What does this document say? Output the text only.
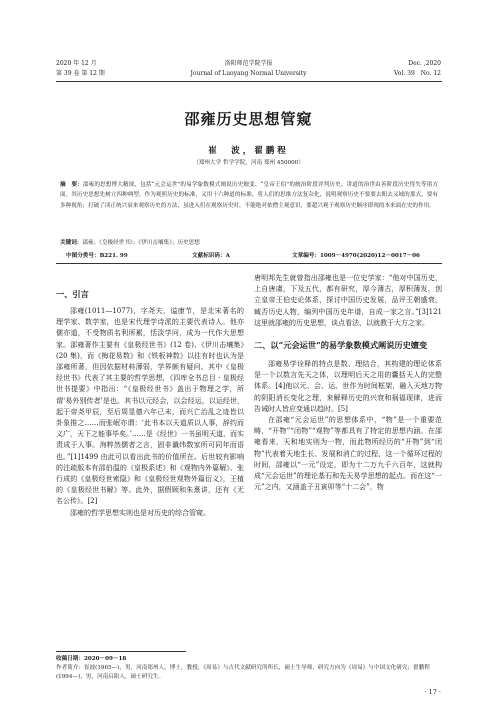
2020 年 12 月
第 39 卷 第 12 期
洛阳师范学院学报
Journal of Luoyang Normal University
Dec. ,2020
Vol. 39　No. 12
邵雍历史思想管窥
崔　波，翟鹏程
（郑州大学 哲学学院，河南 郑州 450000）
摘　要：邵雍的思想博大精深，包括“元会运世”的易学象数模式阐说历史嬗变、“皇帝王伯”的統治阶段评判历史、讲道的治世由善阶段历史得失等诸方面。其历史思想先树立四种典型，作为观照历史的标准，又用十六种道的标准，将人们的思维方法复杂化，说明观察历史不要要去粗去又域的那式，要有多种视角；打破了读正统兴衰来观察历史的方法，虽进入们在观察历史时，不能绝对依僧主观意识，要超兴观于观察历史顺序即现的本来面在史的作用。
关键词：邵雍；《皇极经世书》；《伊川击壤集》；历史思想
中图分类号：B221. 99	文献标识码：A	文章编号：1009－4970(2020)12－0017－06
一、引言

邵雍(1011—1077)，字尧夫，谥康节，是北宋著名的理学家、数学家，也是宋代理学诗派的主要代表诗人。他亦儒亦道，不受物质名利所累，恬淡学问，成为一代作大思想家。邵雍著作主要有《皇极经世书》(12 卷)、《伊川击壤集》(20 集)，而《梅花易数》和《铁板神数》以往有时也认为是邵雍所著，但因依据材料薄弱，学界颇有疑问。其中《皇极经世书》代表了其主要的哲学思想，《四库全书总目 · 皇极经世书提要》中指出：“《皇极经世书》盖出于物理之学，所谓‘易外别传者’是也。其书以元经会，以会经运，以运经世，起于帝尧甲辰，至后周显德六年己未，而兴亡治乱之迹皆以卦象推之……而张岷亦谓：‘此书本以天道质以人事，辞约而义广，天下之能事毕矣。’……是《经世》一书虽明天道，而实责成于人事。洵粹然儒者之言，固非谶纬数家所可同年而语也。”[1]1499 由此可以看出此书的价值所在。后世较有影响的注疏版本有邵伯温的《皇极系述》和《观物内外篇解》、张行成的《皇极经世索隐》和《皇极经世观物外篇衍义》，王植的《皇极经世书解》等。此外，据假顾和朱熹讲，还有《无名公传》。[2]

邵雍的哲学思想实则也是对历史的综合管窥。

唐明邦先生就曾指出邵雍也是一位史学家：“他对中国历史，上自唐虞，下及五代，都有研究，厚今薄古，厚积薄发，创立皇帝王伯史论体系，探讨中国历史发展，品评王朝盛衰，臧否历史人物，编列中国历史年谱，自成一家之言。”[3]121 这里就邵雍的历史思想，谈点看法，以就教于大方之家。

二、以“元会运世”的易学象数模式阐说历史嬗变

邵雍易学诠释的特点是数、理结合，其构建的理论体系是一个以数言先天之体，以理明后天之用的囊括天人的完整体系。[4]他以元、会、运、世作为时间框架，融入天地万物的阴阳消长变化之理，来解释历史的兴衰和祸福现律，进而告诫时人皆应变通以趋时。[5]

在邵雍“元会运世”的思想体系中，“物”是一个重要范畴，“开物”“闭物”“观物”等都具有了特定的思想内涵。在邵雍看来，天和地实则为一物，而此物所经历的“开物”到“闭物”代表着天地生长、发展和消亡的过程，这一个循环过程的时间，邵雍以“一元”设定，即为十二万九千六百年，这就构成“元会运世”的理论基石和先天易学思想的起点。而在这“一元”之内，又涵盖子丑寅卯等“十二会”，物

收稿日期：2020－09－18
作者简介：崔波(1965—)，男，河南郑州人，博士，教授，《周易》与古代文献研究所所长，硕士生导师，研究方向为《周易》与中国文化研究；翟鹏程(1994—)，男，河南启阳人，硕士研究生。
· 17 ·
